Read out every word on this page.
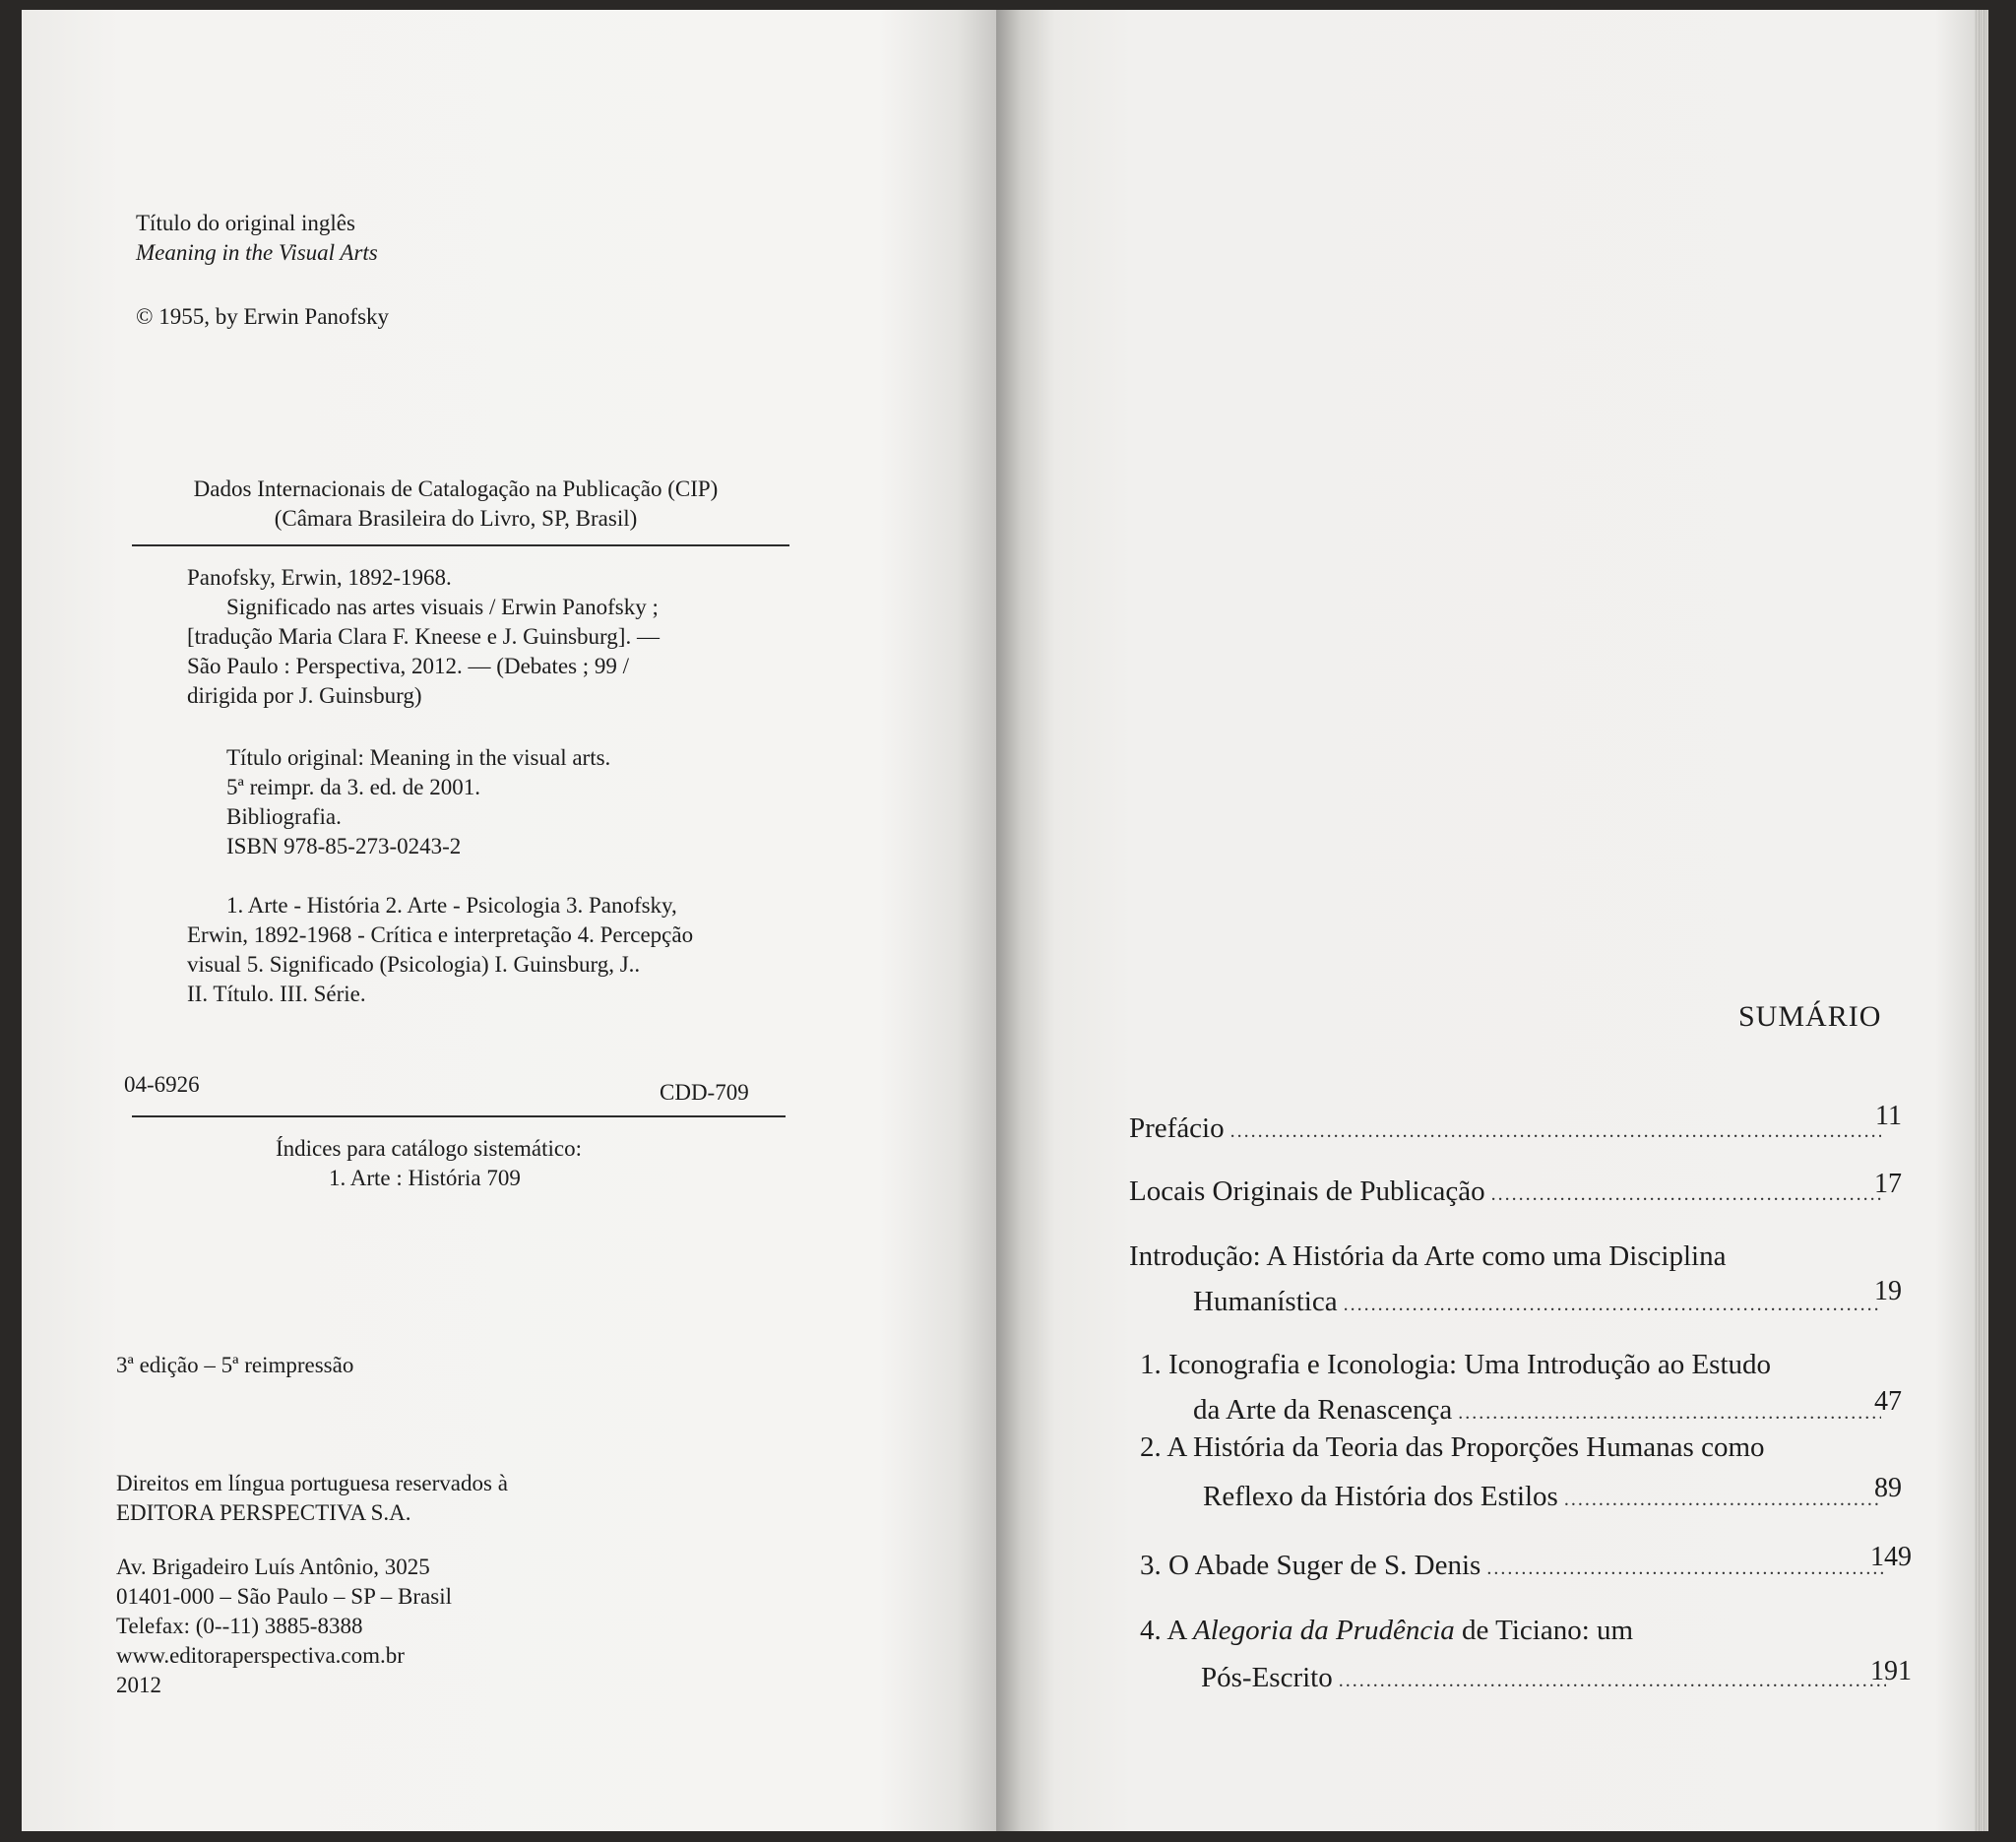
Título do original inglês
Meaning in the Visual Arts
© 1955, by Erwin Panofsky
Dados Internacionais de Catalogação na Publicação (CIP)
(Câmara Brasileira do Livro, SP, Brasil)
Panofsky, Erwin, 1892-1968.
Significado nas artes visuais / Erwin Panofsky ;
[tradução Maria Clara F. Kneese e J. Guinsburg]. —
São Paulo : Perspectiva, 2012. — (Debates ; 99 /
dirigida por J. Guinsburg)
Título original: Meaning in the visual arts.
5ª reimpr. da 3. ed. de 2001.
Bibliografia.
ISBN 978-85-273-0243-2
1. Arte - História 2. Arte - Psicologia 3. Panofsky,
Erwin, 1892-1968 - Crítica e interpretação 4. Percepção
visual 5. Significado (Psicologia) I. Guinsburg, J..
II. Título. III. Série.
04-6926	CDD-709
Índices para catálogo sistemático:
1. Arte : História 709
3ª edição – 5ª reimpressão
Direitos em língua portuguesa reservados à
EDITORA PERSPECTIVA S.A.
Av. Brigadeiro Luís Antônio, 3025
01401-000 – São Paulo – SP – Brasil
Telefax: (0--11) 3885-8388
www.editoraperspectiva.com.br
2012
SUMÁRIO
Prefácio .....	11
Locais Originais de Publicação .....	17
Introdução: A História da Arte como uma Disciplina
Humanística .....	19
1. Iconografia e Iconologia: Uma Introdução ao Estudo
da Arte da Renascença .....	47
2. A História da Teoria das Proporções Humanas como
Reflexo da História dos Estilos .....	89
3. O Abade Suger de S. Denis .....	149
4. A Alegoria da Prudência de Ticiano: um
Pós-Escrito .....	191
